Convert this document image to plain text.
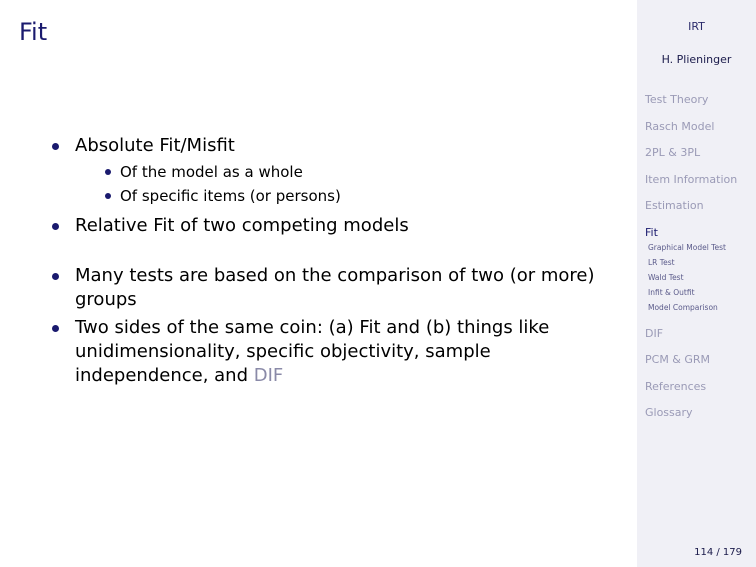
Fit
Absolute Fit/Misfit
Of the model as a whole
Of specific items (or persons)
Relative Fit of two competing models
Many tests are based on the comparison of two (or more) groups
Two sides of the same coin: (a) Fit and (b) things like unidimensionality, specific objectivity, sample independence, and DIF
IRT
H. Plieninger
Test Theory
Rasch Model
2PL & 3PL
Item Information
Estimation
Fit
Graphical Model Test
LR Test
Wald Test
Infit & Outfit
Model Comparison
DIF
PCM & GRM
References
Glossary
114 / 179
